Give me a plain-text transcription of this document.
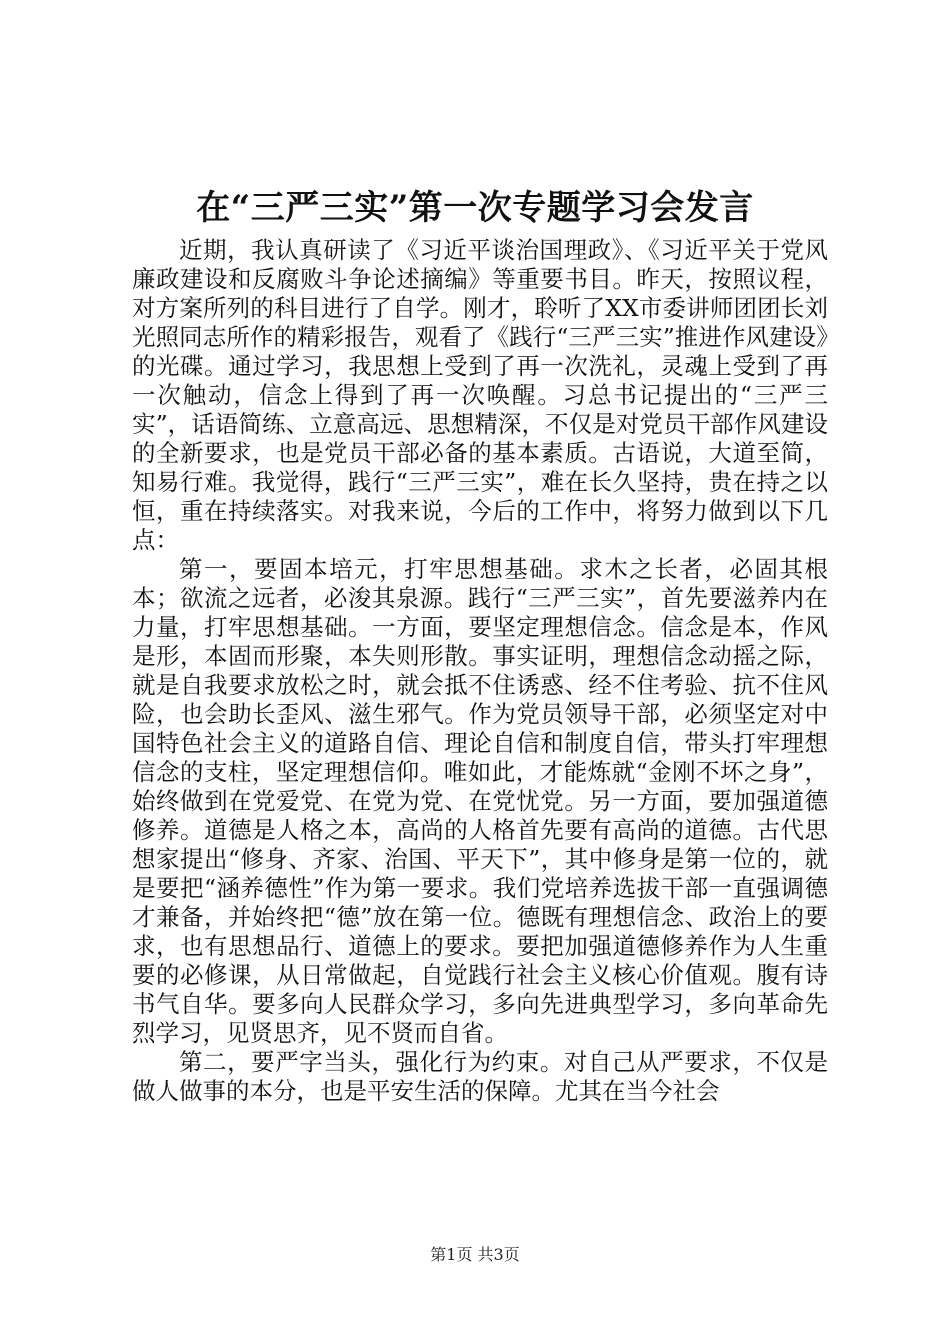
在“三严三实”第一次专题学习会发言

近期，我认真研读了《习近平谈治国理政》、《习近平关于党风廉政建设和反腐败斗争论述摘编》等重要书目。昨天，按照议程，对方案所列的科目进行了自学。刚才，聆听了XX市委讲师团团长刘光照同志所作的精彩报告，观看了《践行“三严三实”推进作风建设》的光碟。通过学习，我思想上受到了再一次洗礼，灵魂上受到了再一次触动，信念上得到了再一次唤醒。习总书记提出的“三严三实”，话语简练、立意高远、思想精深，不仅是对党员干部作风建设的全新要求，也是党员干部必备的基本素质。古语说，大道至简，知易行难。我觉得，践行“三严三实”，难在长久坚持，贵在持之以恒，重在持续落实。对我来说，今后的工作中，将努力做到以下几点：

第一，要固本培元，打牢思想基础。求木之长者，必固其根本；欲流之远者，必浚其泉源。践行“三严三实”，首先要滋养内在力量，打牢思想基础。一方面，要坚定理想信念。信念是本，作风是形，本固而形聚，本失则形散。事实证明，理想信念动摇之际，就是自我要求放松之时，就会抵不住诱惑、经不住考验、抗不住风险，也会助长歪风、滋生邪气。作为党员领导干部，必须坚定对中国特色社会主义的道路自信、理论自信和制度自信，带头打牢理想信念的支柱，坚定理想信仰。唯如此，才能炼就“金刚不坏之身”，始终做到在党爱党、在党为党、在党忧党。另一方面，要加强道德修养。道德是人格之本，高尚的人格首先要有高尚的道德。古代思想家提出“修身、齐家、治国、平天下”，其中修身是第一位的，就是要把“涵养德性”作为第一要求。我们党培养选拔干部一直强调德才兼备，并始终把“德”放在第一位。德既有理想信念、政治上的要求，也有思想品行、道德上的要求。要把加强道德修养作为人生重要的必修课，从日常做起，自觉践行社会主义核心价值观。腹有诗书气自华。要多向人民群众学习，多向先进典型学习，多向革命先烈学习，见贤思齐，见不贤而自省。

第二，要严字当头，强化行为约束。对自己从严要求，不仅是做人做事的本分，也是平安生活的保障。尤其在当今社会

第1页 共3页
